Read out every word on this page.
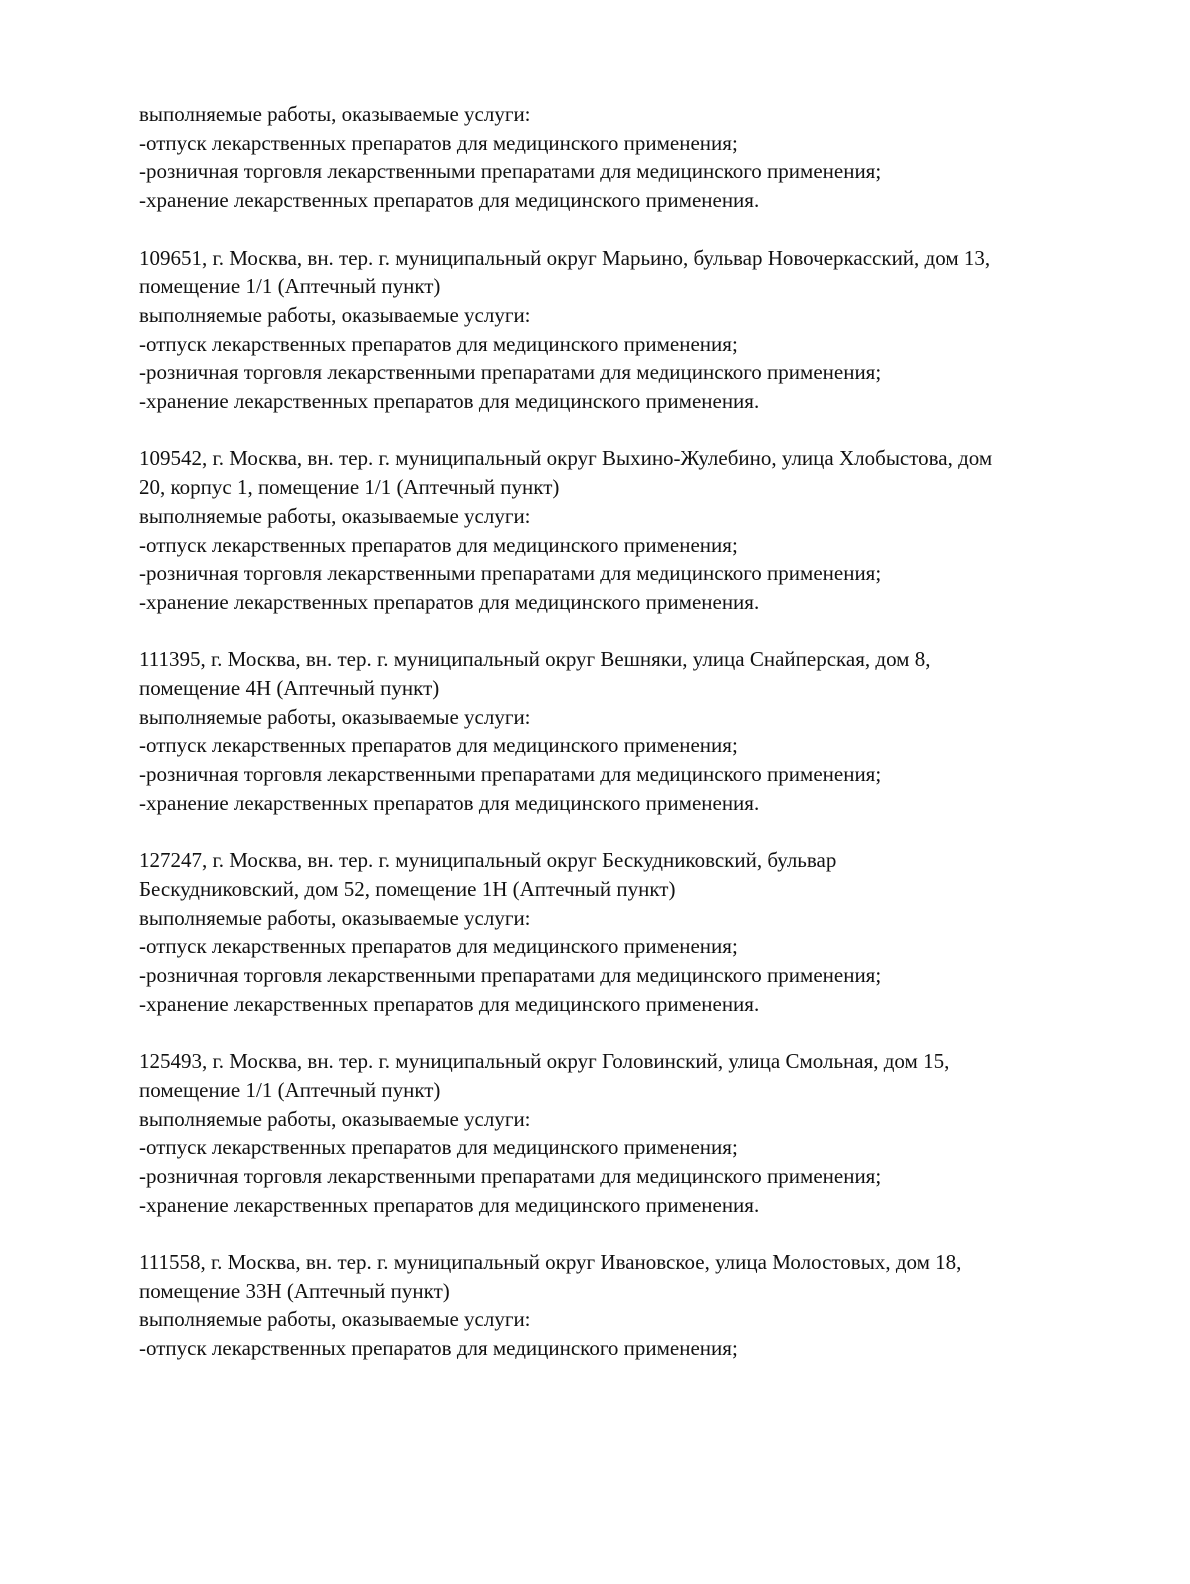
выполняемые работы, оказываемые услуги:
-отпуск лекарственных препаратов для медицинского применения;
-розничная торговля лекарственными препаратами для медицинского применения;
-хранение лекарственных препаратов для медицинского применения.
109651, г. Москва, вн. тер. г. муниципальный округ Марьино, бульвар Новочеркасский, дом 13,
помещение 1/1 (Аптечный пункт)
выполняемые работы, оказываемые услуги:
-отпуск лекарственных препаратов для медицинского применения;
-розничная торговля лекарственными препаратами для медицинского применения;
-хранение лекарственных препаратов для медицинского применения.
109542, г. Москва, вн. тер. г. муниципальный округ Выхино-Жулебино, улица Хлобыстова, дом
20, корпус 1, помещение 1/1 (Аптечный пункт)
выполняемые работы, оказываемые услуги:
-отпуск лекарственных препаратов для медицинского применения;
-розничная торговля лекарственными препаратами для медицинского применения;
-хранение лекарственных препаратов для медицинского применения.
111395, г. Москва, вн. тер. г. муниципальный округ Вешняки, улица Снайперская, дом 8,
помещение 4Н (Аптечный пункт)
выполняемые работы, оказываемые услуги:
-отпуск лекарственных препаратов для медицинского применения;
-розничная торговля лекарственными препаратами для медицинского применения;
-хранение лекарственных препаратов для медицинского применения.
127247, г. Москва, вн. тер. г. муниципальный округ Бескудниковский, бульвар
Бескудниковский, дом 52, помещение 1Н (Аптечный пункт)
выполняемые работы, оказываемые услуги:
-отпуск лекарственных препаратов для медицинского применения;
-розничная торговля лекарственными препаратами для медицинского применения;
-хранение лекарственных препаратов для медицинского применения.
125493, г. Москва, вн. тер. г. муниципальный округ Головинский, улица Смольная, дом 15,
помещение 1/1 (Аптечный пункт)
выполняемые работы, оказываемые услуги:
-отпуск лекарственных препаратов для медицинского применения;
-розничная торговля лекарственными препаратами для медицинского применения;
-хранение лекарственных препаратов для медицинского применения.
111558, г. Москва, вн. тер. г. муниципальный округ Ивановское, улица Молостовых, дом 18,
помещение 33Н (Аптечный пункт)
выполняемые работы, оказываемые услуги:
-отпуск лекарственных препаратов для медицинского применения;
